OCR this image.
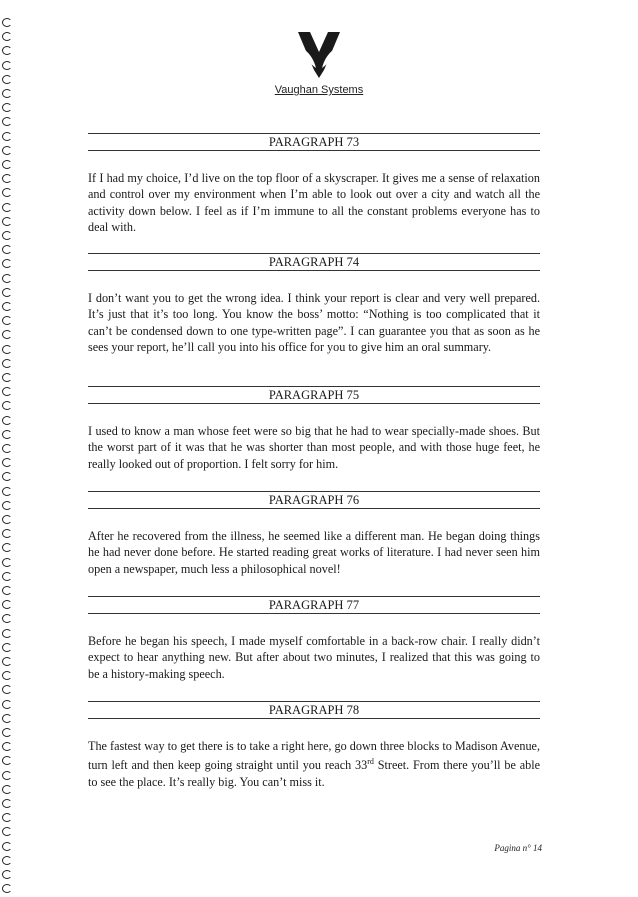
Vaughan Systems
PARAGRAPH 73

If I had my choice, I’d live on the top floor of a skyscraper. It gives me a sense of relaxation and control over my environment when I’m able to look out over a city and watch all the activity down below. I feel as if I’m immune to all the constant problems everyone has to deal with.

PARAGRAPH 74

I don’t want you to get the wrong idea. I think your report is clear and very well prepared. It’s just that it’s too long. You know the boss’ motto: “Nothing is too complicated that it can’t be condensed down to one type-written page”. I can guarantee you that as soon as he sees your report, he’ll call you into his office for you to give him an oral summary.

PARAGRAPH 75

I used to know a man whose feet were so big that he had to wear specially-made shoes. But the worst part of it was that he was shorter than most people, and with those huge feet, he really looked out of proportion. I felt sorry for him.

PARAGRAPH 76

After he recovered from the illness, he seemed like a different man. He began doing things he had never done before. He started reading great works of literature. I had never seen him open a newspaper, much less a philosophical novel!

PARAGRAPH 77

Before he began his speech, I made myself comfortable in a back-row chair. I really didn’t expect to hear anything new. But after about two minutes, I realized that this was going to be a history-making speech.

PARAGRAPH 78

The fastest way to get there is to take a right here, go down three blocks to Madison Avenue, turn left and then keep going straight until you reach 33rd Street. From there you’ll be able to see the place. It’s really big. You can’t miss it.

Pagina n° 14
